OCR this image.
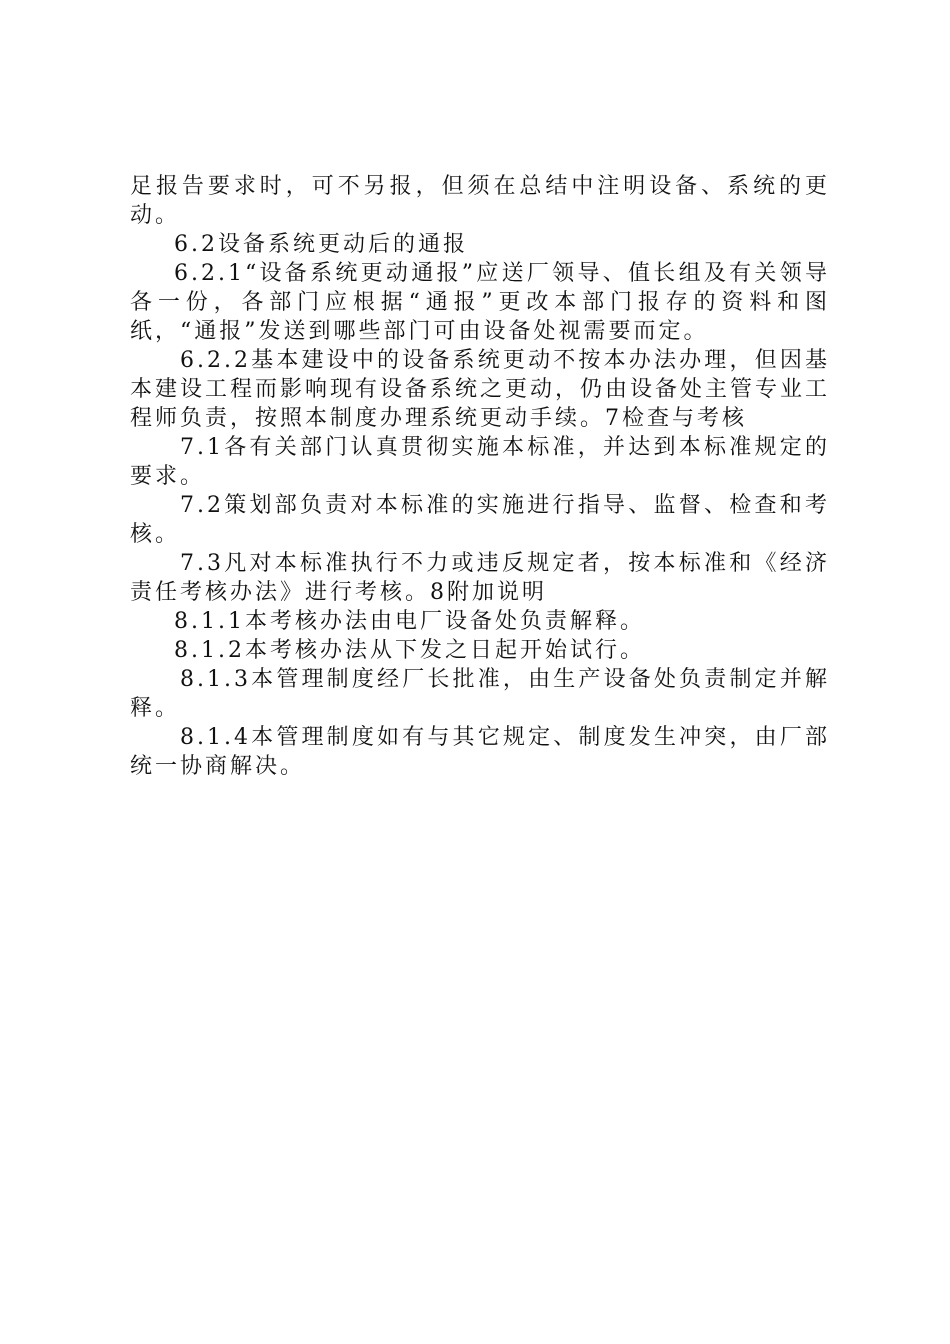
足报告要求时，可不另报，但须在总结中注明设备、系统的更动。

6.2设备系统更动后的通报

6.2.1“设备系统更动通报”应送厂领导、值长组及有关领导各一份，各部门应根据“通报”更改本部门报存的资料和图纸，“通报”发送到哪些部门可由设备处视需要而定。

6.2.2基本建设中的设备系统更动不按本办法办理，但因基本建设工程而影响现有设备系统之更动，仍由设备处主管专业工程师负责，按照本制度办理系统更动手续。7检查与考核

7.1各有关部门认真贯彻实施本标准，并达到本标准规定的要求。

7.2策划部负责对本标准的实施进行指导、监督、检查和考核。

7.3凡对本标准执行不力或违反规定者，按本标准和《经济责任考核办法》进行考核。8附加说明

8.1.1本考核办法由电厂设备处负责解释。

8.1.2本考核办法从下发之日起开始试行。

8.1.3本管理制度经厂长批准，由生产设备处负责制定并解释。

8.1.4本管理制度如有与其它规定、制度发生冲突，由厂部统一协商解决。
